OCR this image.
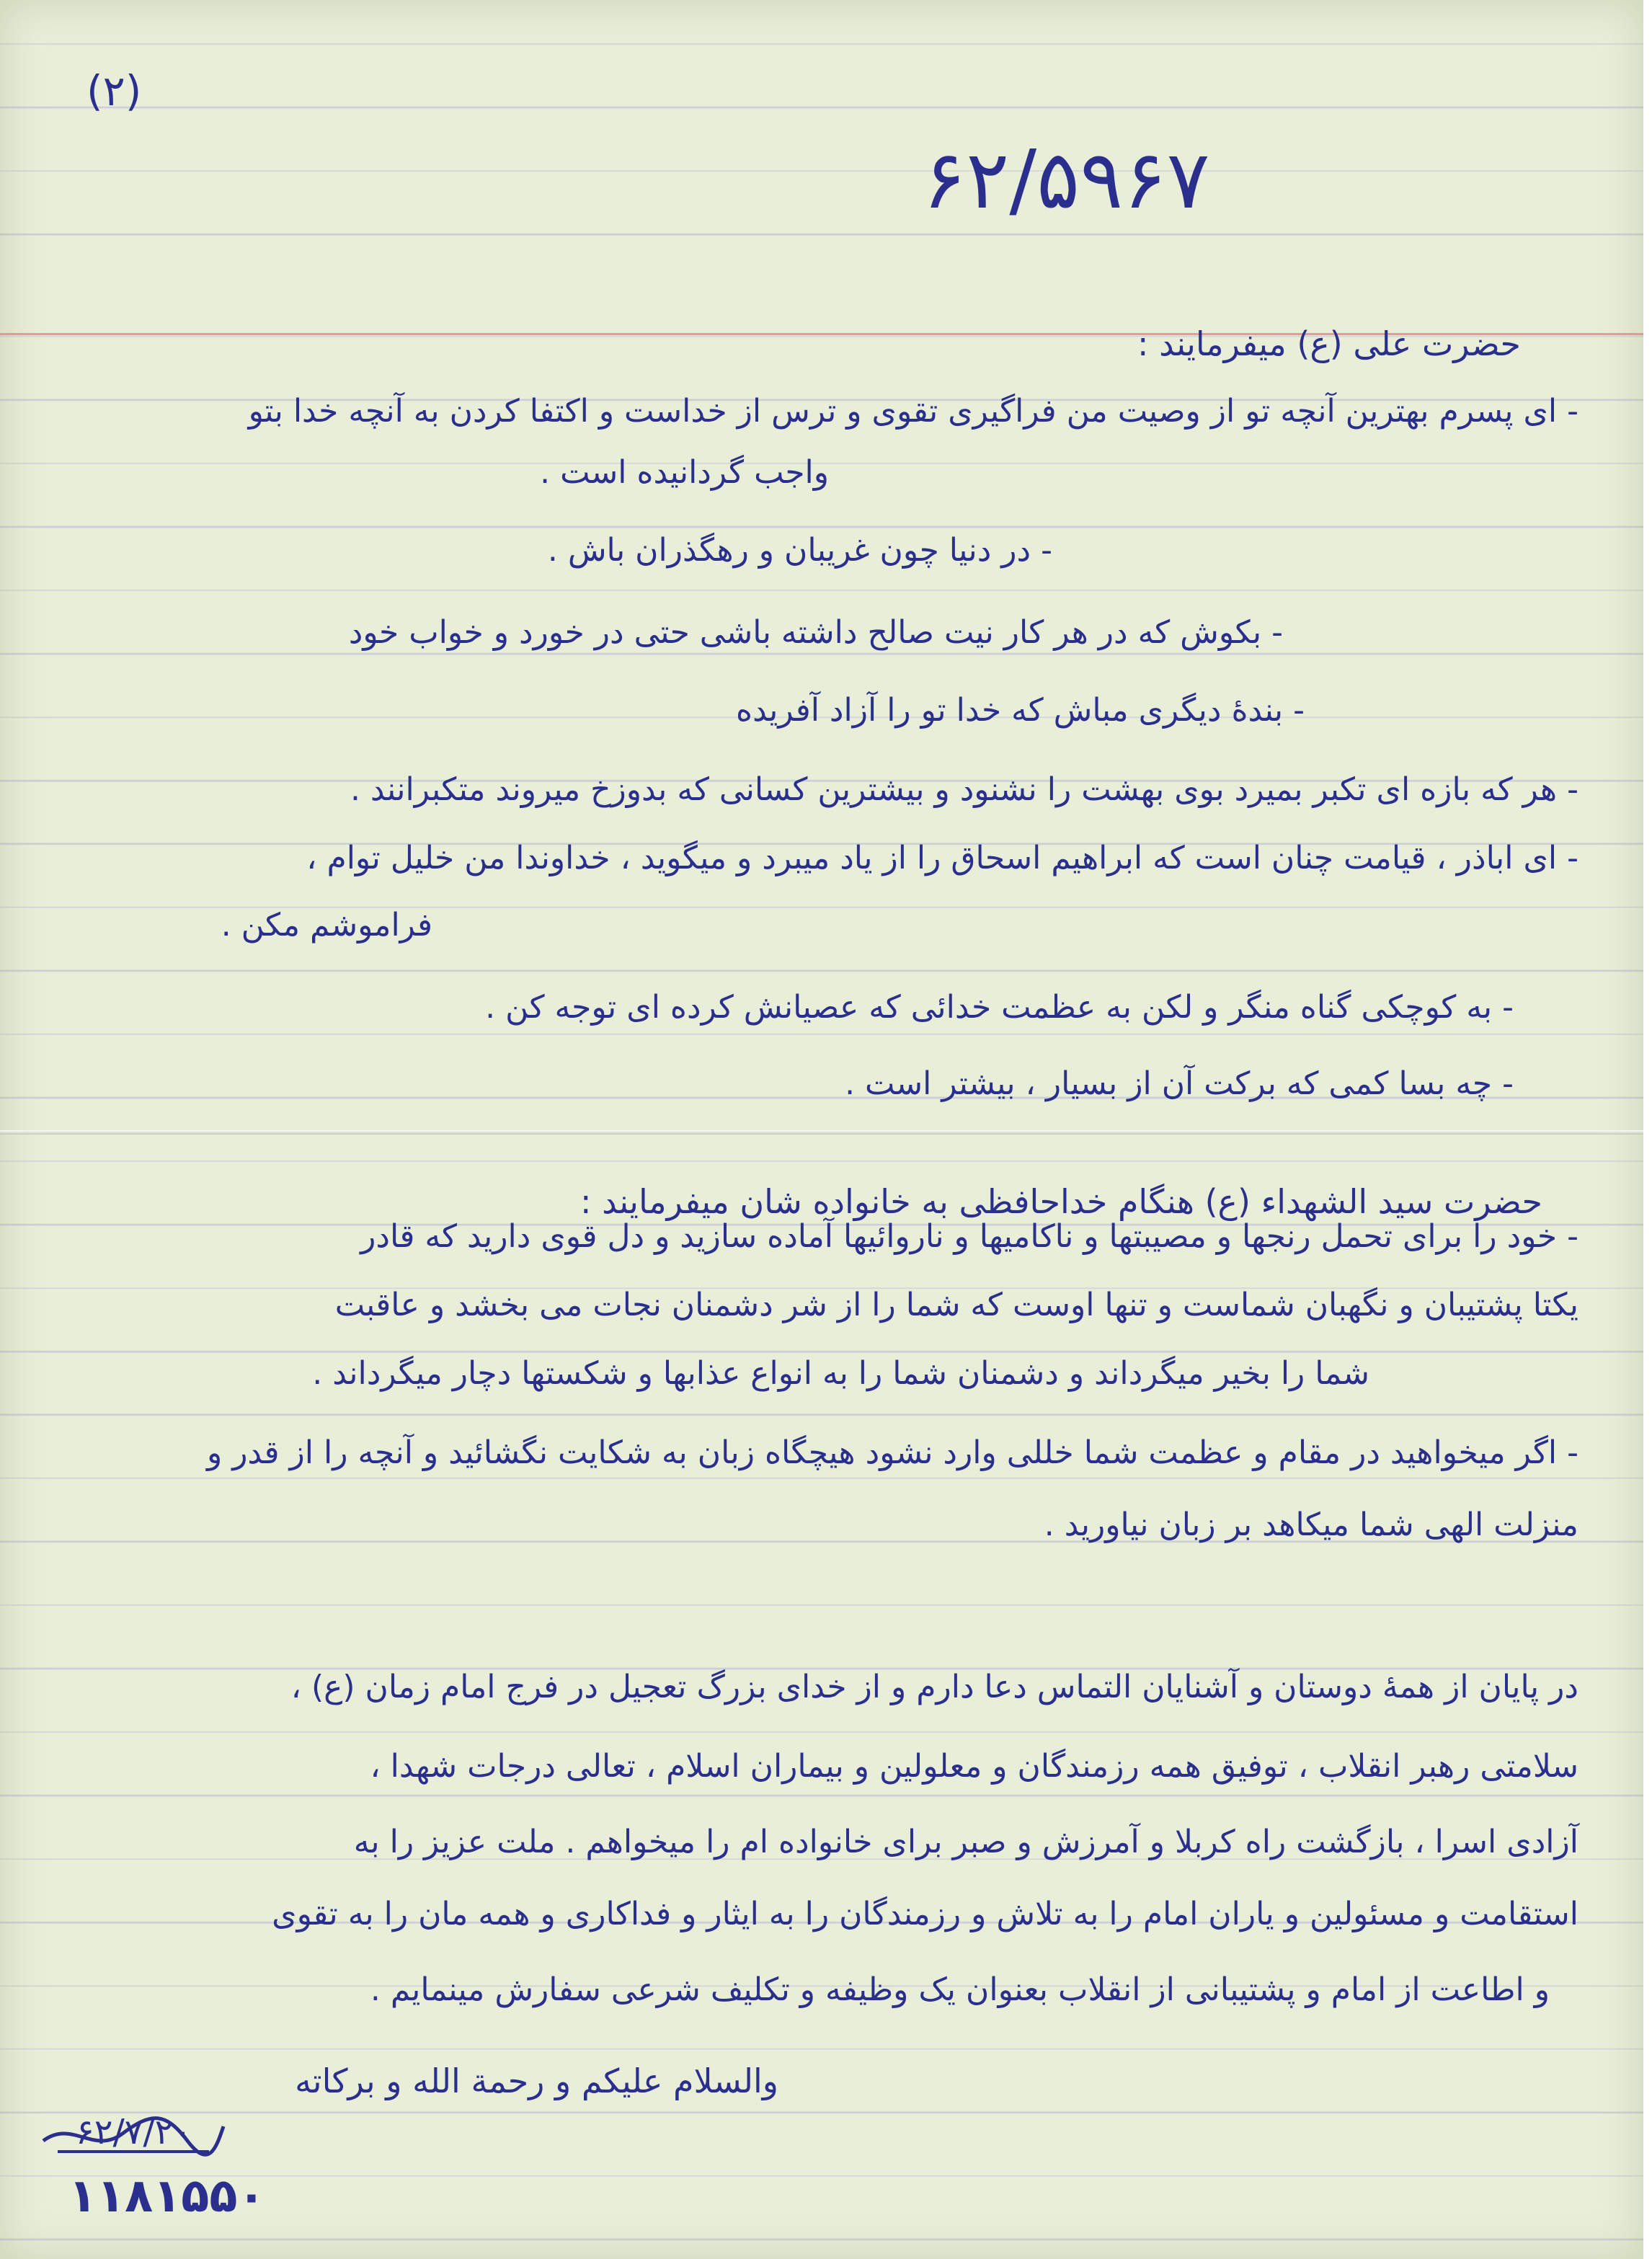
(۲)
۶۲/۵۹۶۷
حضرت علی (ع) میفرمایند :
- ای پسرم بهترین آنچه تو از وصیت من فراگیری تقوی و ترس از خداست و اکتفا کردن به آنچه خدا بتو
واجب گردانیده است .
- در دنیا چون غریبان و رهگذران باش .
- بکوش که در هر کار نیت صالح داشته باشی حتی در خورد و خواب خود
- بندهٔ دیگری مباش که خدا تو را آزاد آفریده
- هر که بازه ای تکبر بمیرد بوی بهشت را نشنود و بیشترین کسانی که بدوزخ میروند متکبرانند .
- ای اباذر ، قیامت چنان است که ابراهیم اسحاق را از یاد میبرد و میگوید ، خداوندا من خلیل توام ،
فراموشم مکن .
- به کوچکی گناه منگر و لکن به عظمت خدائی که عصیانش کرده ای توجه کن .
- چه بسا کمی که برکت آن از بسیار ، بیشتر است .
حضرت سید الشهداء (ع) هنگام خداحافظی به خانواده شان میفرمایند :
- خود را برای تحمل رنجها و مصیبتها و ناکامیها و ناروائیها آماده سازید و دل قوی دارید که قادر
یکتا پشتیبان و نگهبان شماست و تنها اوست که شما را از شر دشمنان نجات می بخشد و عاقبت
شما را بخیر میگرداند و دشمنان شما را به انواع عذابها و شکستها دچار میگرداند .
- اگر میخواهید در مقام و عظمت شما خللی وارد نشود هیچگاه زبان به شکایت نگشائید و آنچه را از قدر و
منزلت الهی شما میکاهد بر زبان نیاورید .
در پایان از همهٔ دوستان و آشنایان التماس دعا دارم و از خدای بزرگ تعجیل در فرج امام زمان (ع) ،
سلامتی رهبر انقلاب ، توفیق همه رزمندگان و معلولین و بیماران اسلام ، تعالی درجات شهدا ،
آزادی اسرا ، بازگشت راه کربلا و آمرزش و صبر برای خانواده ام را میخواهم . ملت عزیز را به
استقامت و مسئولین و یاران امام را به تلاش و رزمندگان را به ایثار و فداکاری و همه مان را به تقوی
و اطاعت از امام و پشتیبانی از انقلاب بعنوان یک وظیفه و تکلیف شرعی سفارش مینمایم .
والسلام علیکم و رحمة الله و برکاته
۶۲/۷/۲۰
۱۱۸۱۵۵۰
